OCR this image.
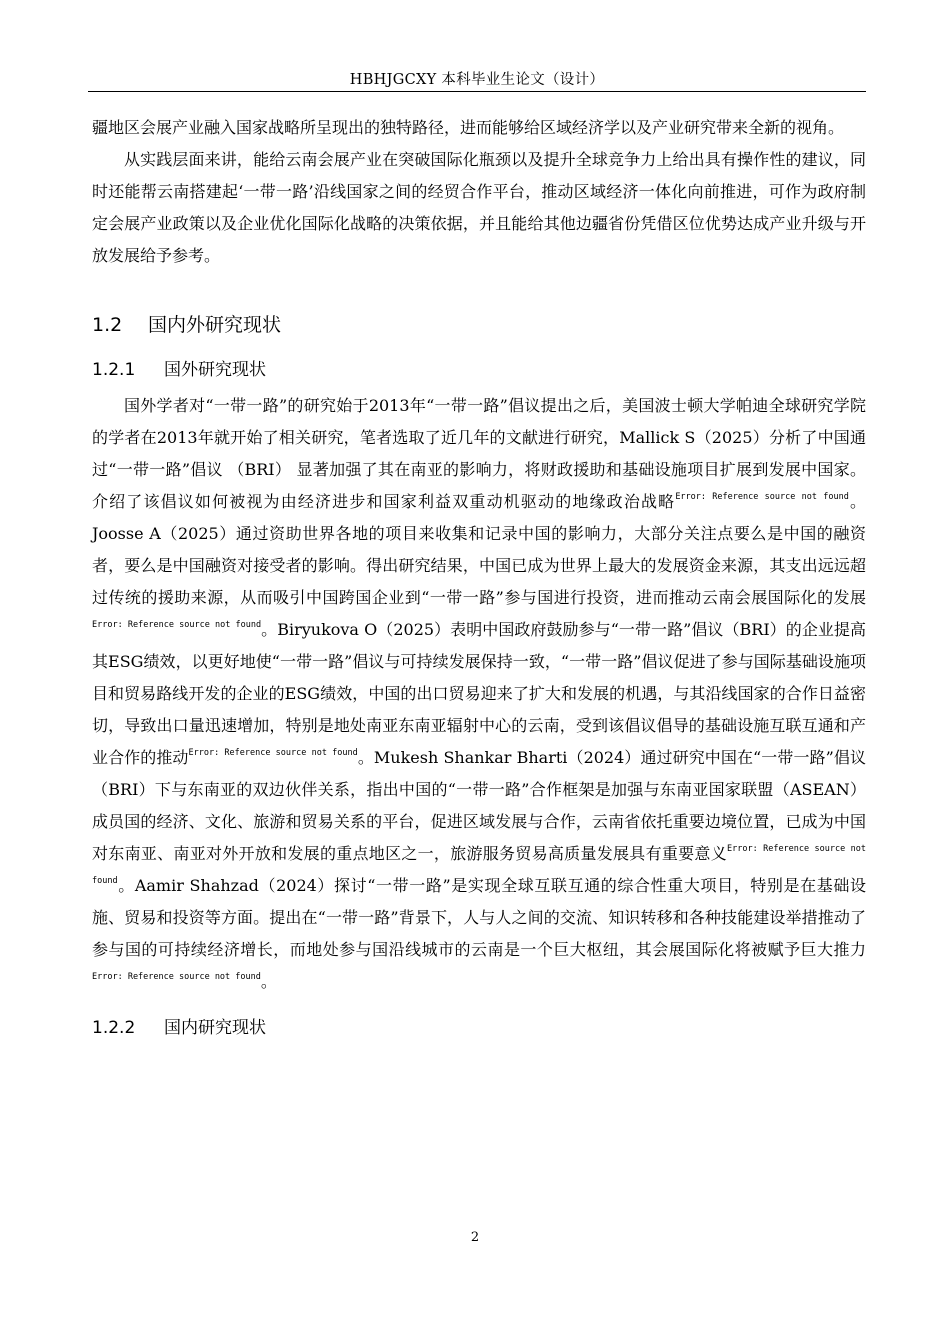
HBHJGCXY 本科毕业生论文（设计）

疆地区会展产业融入国家战略所呈现出的独特路径，进而能够给区域经济学以及产业研究带来全新的视角。

从实践层面来讲，能给云南会展产业在突破国际化瓶颈以及提升全球竞争力上给出具有操作性的建议，同时还能帮云南搭建起‘一带一路’沿线国家之间的经贸合作平台，推动区域经济一体化向前推进，可作为政府制定会展产业政策以及企业优化国际化战略的决策依据，并且能给其他边疆省份凭借区位优势达成产业升级与开放发展给予参考。

1.2 国内外研究现状
1.2.1 国外研究现状

国外学者对“一带一路”的研究始于2013年“一带一路”倡议提出之后，美国波士顿大学帕迪全球研究学院的学者在2013年就开始了相关研究，笔者选取了近几年的文献进行研究，Mallick S（2025）分析了中国通过“一带一路”倡议 （BRI） 显著加强了其在南亚的影响力，将财政援助和基础设施项目扩展到发展中国家。介绍了该倡议如何被视为由经济进步和国家利益双重动机驱动的地缘政治战略$^{Error: Reference source not found}$。Joosse A（2025）通过资助世界各地的项目来收集和记录中国的影响力，大部分关注点要么是中国的融资者，要么是中国融资对接受者的影响。得出研究结果，中国已成为世界上最大的发展资金来源，其支出远远超过传统的援助来源，从而吸引中国跨国企业到“一带一路”参与国进行投资，进而推动云南会展国际化的发展$^{Error: Reference source not found}$。Biryukova O（2025）表明中国政府鼓励参与“一带一路”倡议（BRI）的企业提高其ESG绩效，以更好地使“一带一路”倡议与可持续发展保持一致，“一带一路”倡议促进了参与国际基础设施项目和贸易路线开发的企业的ESG绩效，中国的出口贸易迎来了扩大和发展的机遇，与其沿线国家的合作日益密切，导致出口量迅速增加，特别是地处南亚东南亚辐射中心的云南，受到该倡议倡导的基础设施互联互通和产业合作的推动$^{Error: Reference source not found}$。Mukesh Shankar Bharti（2024）通过研究中国在“一带一路”倡议（BRI）下与东南亚的双边伙伴关系，指出中国的“一带一路”合作框架是加强与东南亚国家联盟（ASEAN）成员国的经济、文化、旅游和贸易关系的平台，促进区域发展与合作，云南省依托重要边境位置，已成为中国对东南亚、南亚对外开放和发展的重点地区之一，旅游服务贸易高质量发展具有重要意义$^{Error: Reference source not found}$。Aamir Shahzad（2024）探讨“一带一路”是实现全球互联互通的综合性重大项目，特别是在基础设施、贸易和投资等方面。提出在“一带一路”背景下，人与人之间的交流、知识转移和各种技能建设举措推动了参与国的可持续经济增长，而地处参与国沿线城市的云南是一个巨大枢纽，其会展国际化将被赋予巨大推力$^{Error: Reference source not found}$。

1.2.2 国内研究现状
2
